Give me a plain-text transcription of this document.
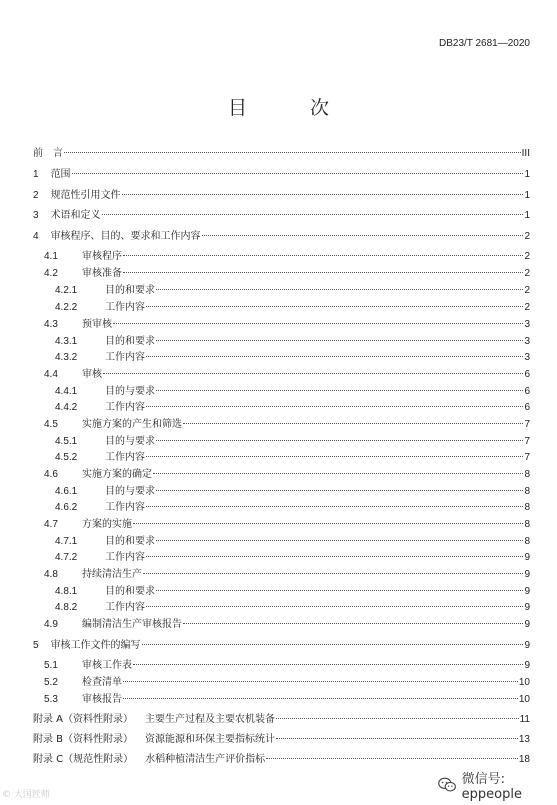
DB23/T 2681—2020
目　次
前　言	III
1 范围	1
2 规范性引用文件	1
3 术语和定义	1
4 审核程序、目的、要求和工作内容	2
4.1	审核程序	2
4.2	审核准备	2
4.2.1	目的和要求	2
4.2.2	工作内容	2
4.3	预审核	3
4.3.1	目的和要求	3
4.3.2	工作内容	3
4.4	审核	6
4.4.1	目的与要求	6
4.4.2	工作内容	6
4.5	实施方案的产生和筛选	7
4.5.1	目的与要求	7
4.5.2	工作内容	7
4.6	实施方案的确定	8
4.6.1	目的与要求	8
4.6.2	工作内容	8
4.7	方案的实施	8
4.7.1	目的和要求	8
4.7.2	工作内容	9
4.8	持续清洁生产	9
4.8.1	目的和要求	9
4.8.2	工作内容	9
4.9	编制清洁生产审核报告	9
5 审核工作文件的编写	9
5.1	审核工作表	9
5.2	检查清单	10
5.3	审核报告	10
附录 A（资料性附录） 主要生产过程及主要农机装备	11
附录 B（资料性附录） 资源能源和环保主要指标统计	13
附录 C（规范性附录） 水稻种植清洁生产评价指标	18
© 大国匠师
微信号: eppeople
